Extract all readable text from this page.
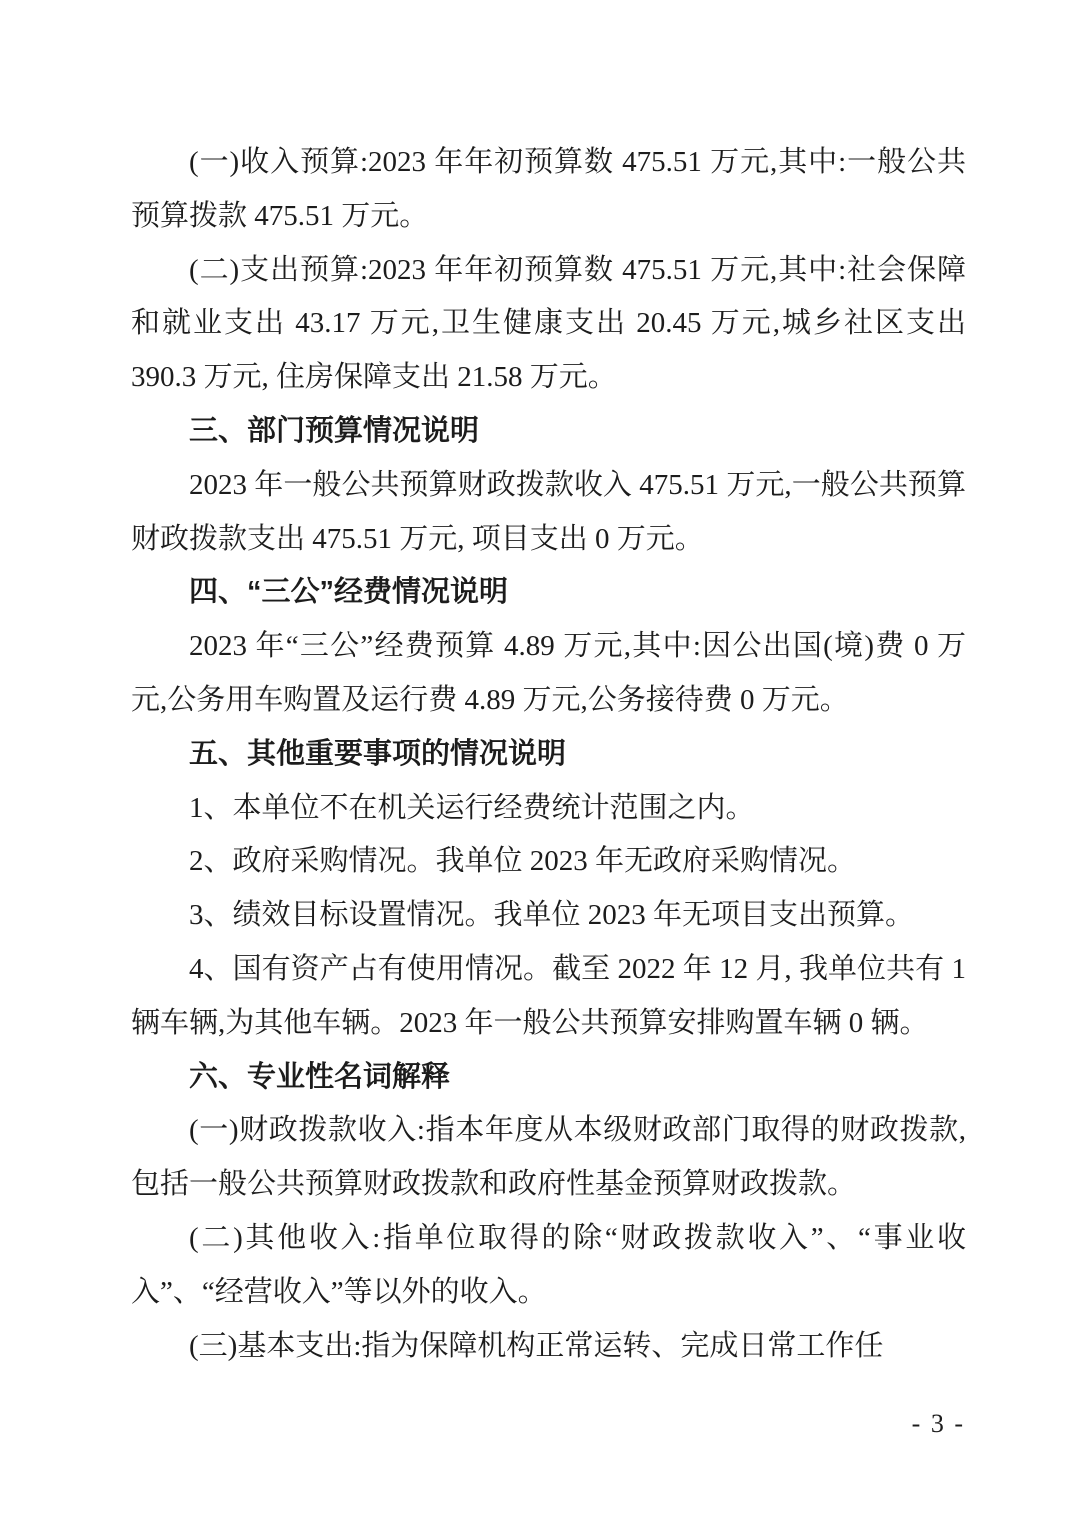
(一)收入预算:2023 年年初预算数 475.51 万元,其中:一般公共预算拨款 475.51 万元。

(二)支出预算:2023 年年初预算数 475.51 万元,其中:社会保障和就业支出 43.17 万元,卫生健康支出 20.45 万元,城乡社区支出 390.3 万元, 住房保障支出 21.58 万元。

三、部门预算情况说明

2023 年一般公共预算财政拨款收入 475.51 万元,一般公共预算财政拨款支出 475.51 万元, 项目支出 0 万元。

四、“三公”经费情况说明

2023 年“三公”经费预算 4.89 万元,其中:因公出国(境)费 0 万元,公务用车购置及运行费 4.89 万元,公务接待费 0 万元。

五、其他重要事项的情况说明

1、本单位不在机关运行经费统计范围之内。

2、政府采购情况。我单位 2023 年无政府采购情况。

3、绩效目标设置情况。我单位 2023 年无项目支出预算。

4、国有资产占有使用情况。截至 2022 年 12 月, 我单位共有 1 辆车辆,为其他车辆。2023 年一般公共预算安排购置车辆 0 辆。

六、专业性名词解释

(一)财政拨款收入:指本年度从本级财政部门取得的财政拨款, 包括一般公共预算财政拨款和政府性基金预算财政拨款。

(二)其他收入:指单位取得的除“财政拨款收入”、“事业收入”、“经营收入”等以外的收入。

(三)基本支出:指为保障机构正常运转、完成日常工作任

- 3 -
